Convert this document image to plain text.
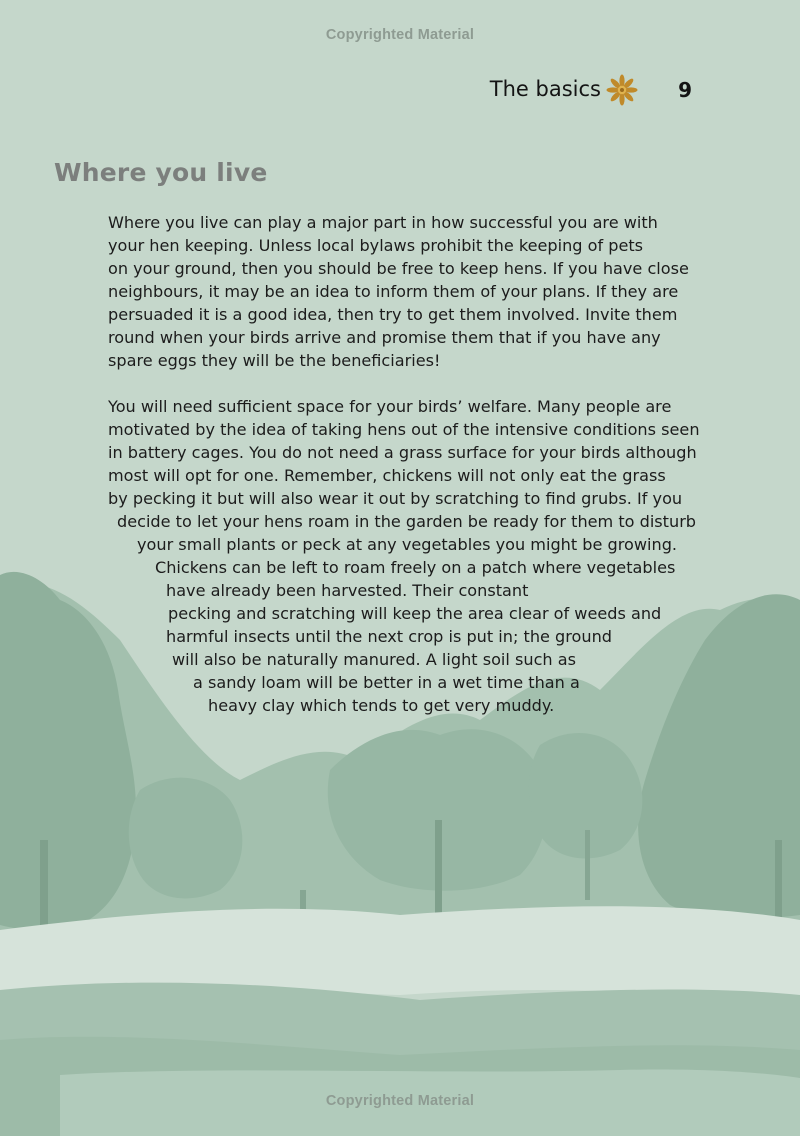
Copyrighted Material
The basics	9
Where you live
Where you live can play a major part in how successful you are with
your hen keeping. Unless local bylaws prohibit the keeping of pets
on your ground, then you should be free to keep hens. If you have close
neighbours, it may be an idea to inform them of your plans. If they are
persuaded it is a good idea, then try to get them involved. Invite them
round when your birds arrive and promise them that if you have any
spare eggs they will be the beneficiaries!
You will need sufficient space for your birds’ welfare. Many people are
motivated by the idea of taking hens out of the intensive conditions seen
in battery cages. You do not need a grass surface for your birds although
most will opt for one. Remember, chickens will not only eat the grass
by pecking it but will also wear it out by scratching to find grubs. If you
decide to let your hens roam in the garden be ready for them to disturb
your small plants or peck at any vegetables you might be growing.
Chickens can be left to roam freely on a patch where vegetables
have already been harvested. Their constant
pecking and scratching will keep the area clear of weeds and
harmful insects until the next crop is put in; the ground
will also be naturally manured. A light soil such as
a sandy loam will be better in a wet time than a
heavy clay which tends to get very muddy.
Copyrighted Material
